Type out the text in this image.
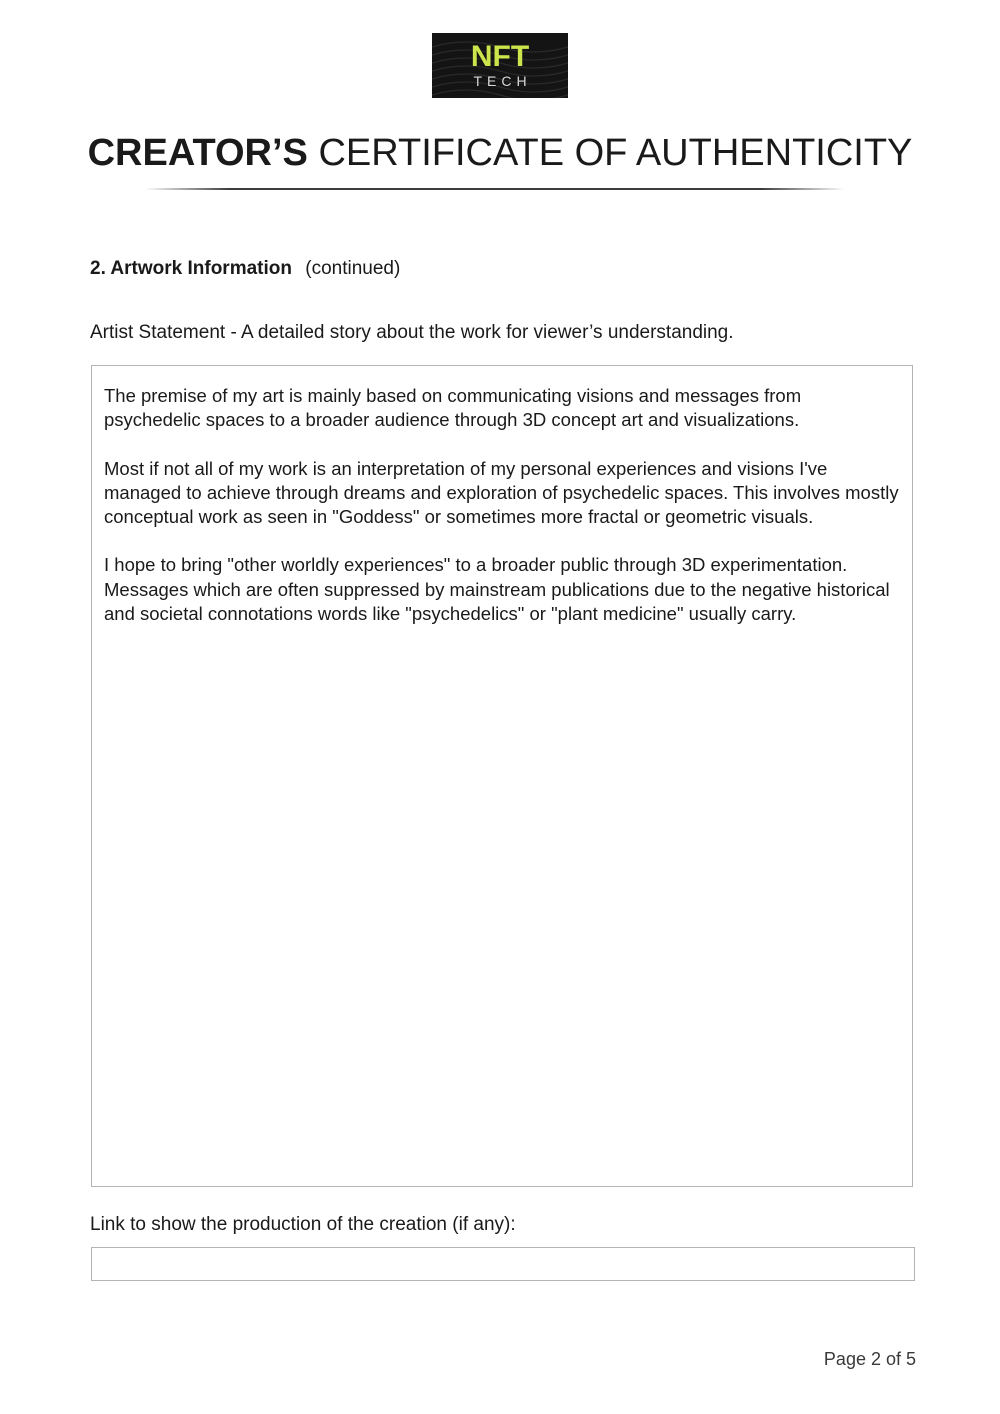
NFT
TECH
CREATOR’S CERTIFICATE OF AUTHENTICITY
2. Artwork Information (continued)
Artist Statement - A detailed story about the work for viewer’s understanding.

The premise of my art is mainly based on communicating visions and messages from psychedelic spaces to a broader audience through 3D concept art and visualizations.

Most if not all of my work is an interpretation of my personal experiences and visions I've managed to achieve through dreams and exploration of psychedelic spaces. This involves mostly conceptual work as seen in "Goddess" or sometimes more fractal or geometric visuals.

I hope to bring "other worldly experiences" to a broader public through 3D experimentation. Messages which are often suppressed by mainstream publications due to the negative historical and societal connotations words like "psychedelics" or "plant medicine" usually carry.

Link to show the production of the creation (if any):
Page 2 of 5
